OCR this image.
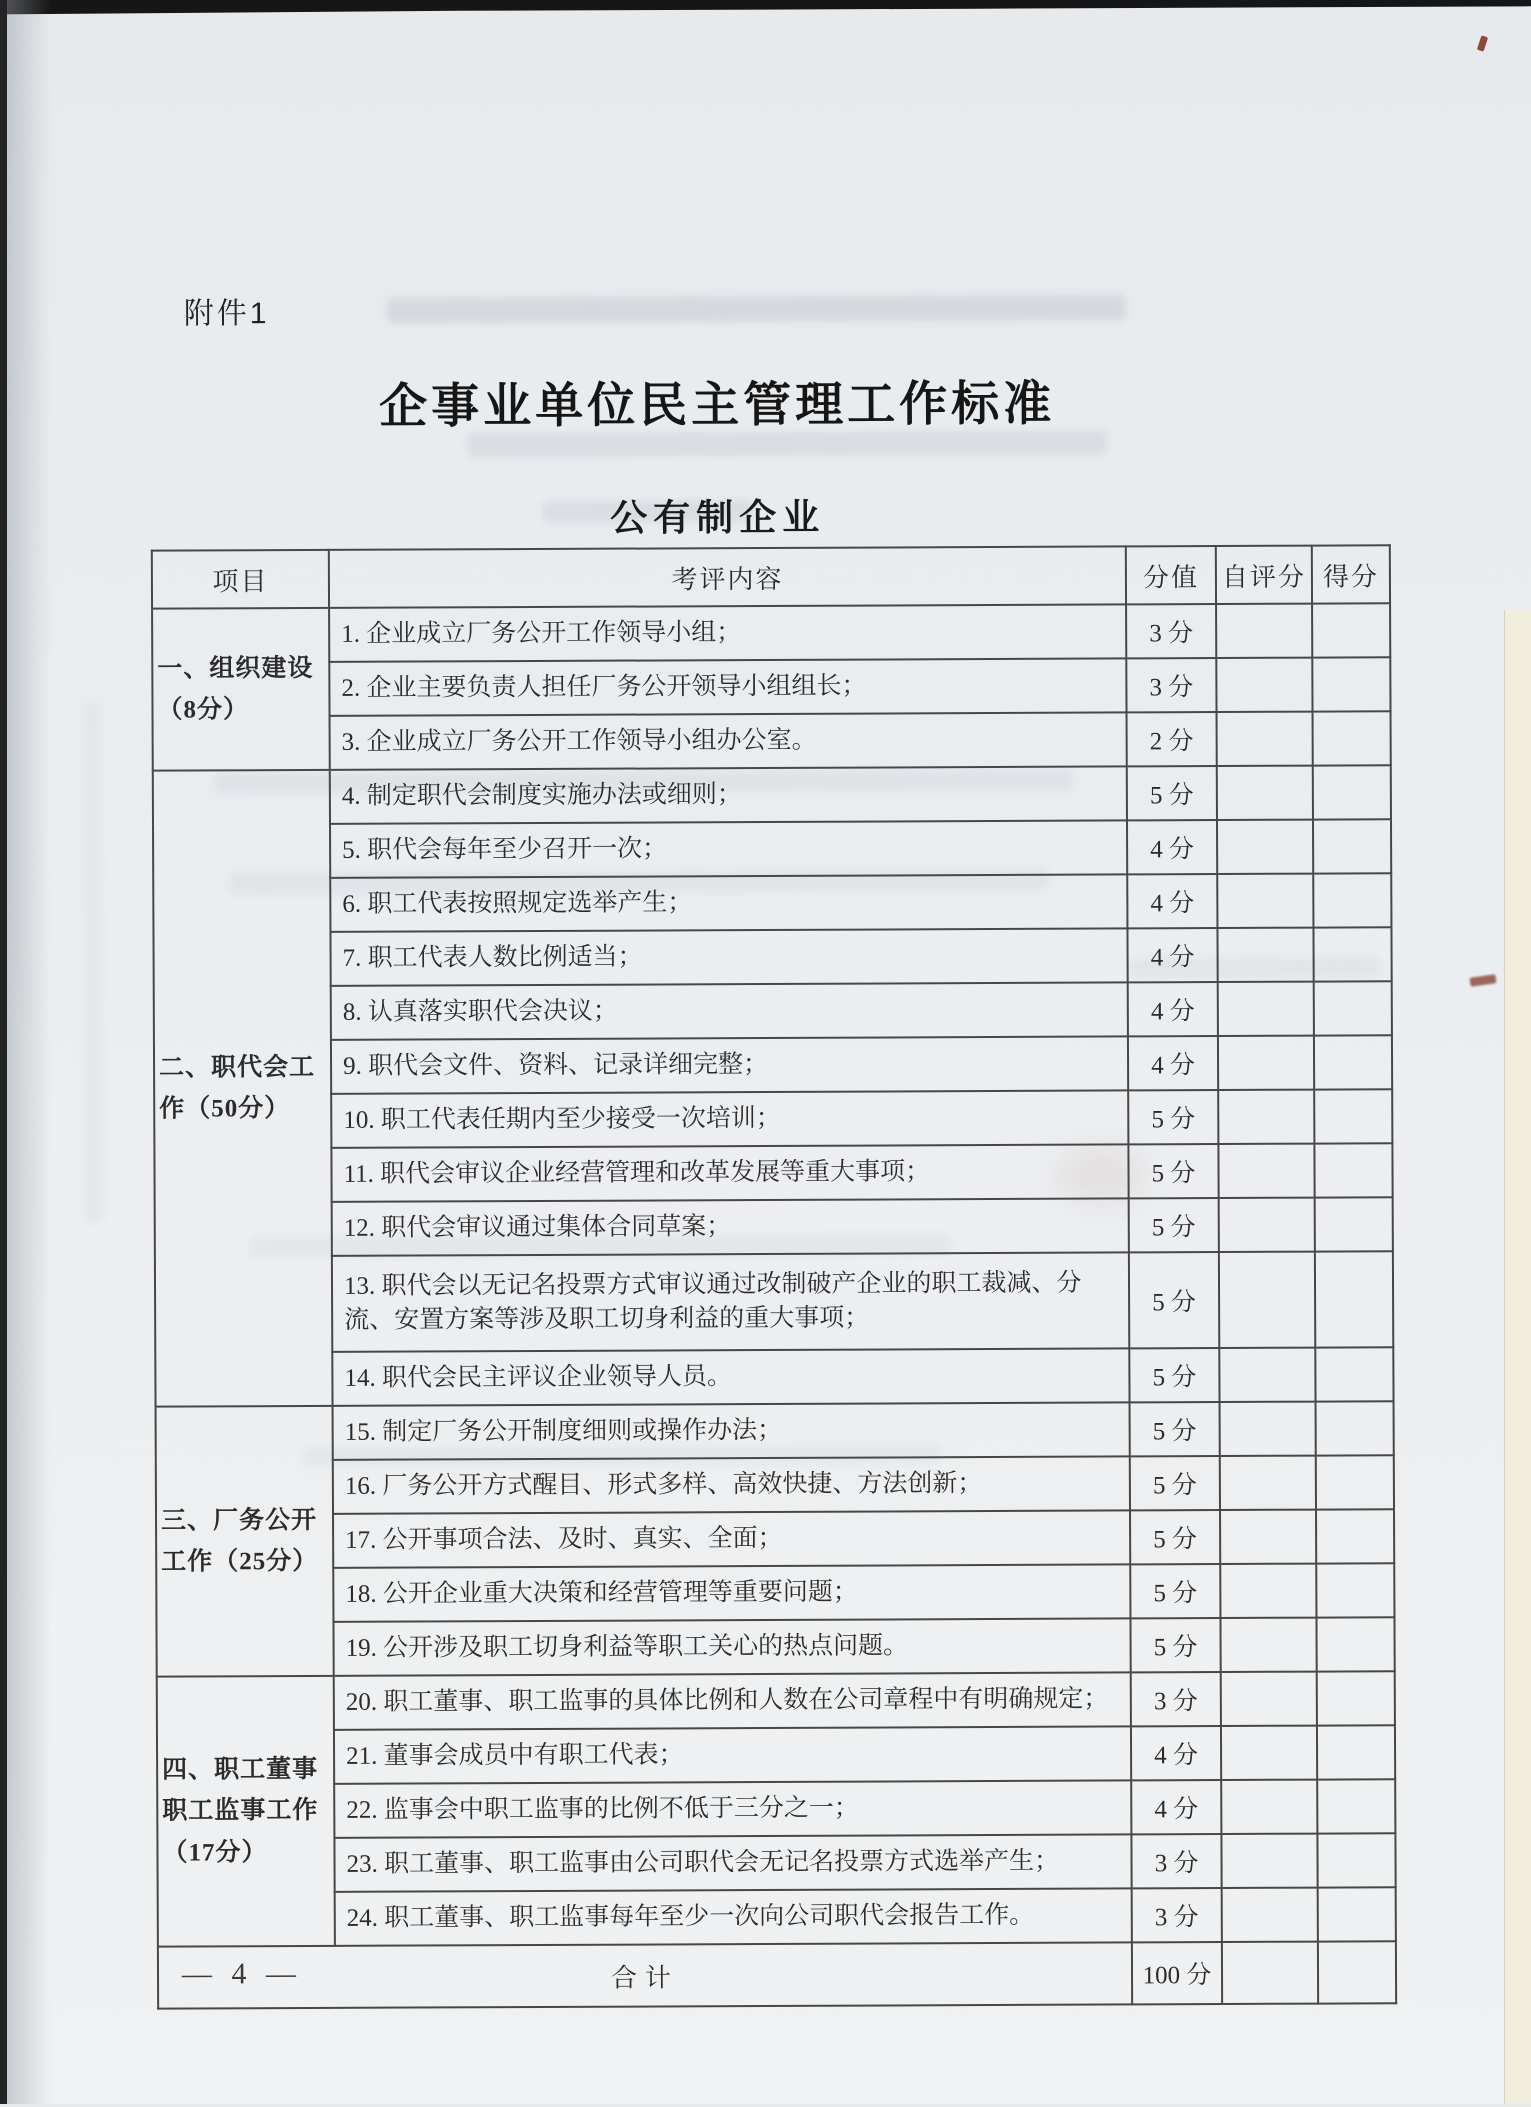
附件1
企事业单位民主管理工作标准
公有制企业
项目	考评内容	分值	自评分	得分
一、组织建设（8分）	1. 企业成立厂务公开工作领导小组；	3 分		
	2. 企业主要负责人担任厂务公开领导小组组长；	3 分		
	3. 企业成立厂务公开工作领导小组办公室。	2 分		
二、职代会工作（50分）	4. 制定职代会制度实施办法或细则；	5 分		
	5. 职代会每年至少召开一次；	4 分		
	6. 职工代表按照规定选举产生；	4 分		
	7. 职工代表人数比例适当；	4 分		
	8. 认真落实职代会决议；	4 分		
	9. 职代会文件、资料、记录详细完整；	4 分		
	10. 职工代表任期内至少接受一次培训；	5 分		
	11. 职代会审议企业经营管理和改革发展等重大事项；	5 分		
	12. 职代会审议通过集体合同草案；	5 分		
	13. 职代会以无记名投票方式审议通过改制破产企业的职工裁减、分流、安置方案等涉及职工切身利益的重大事项；	5 分		
	14. 职代会民主评议企业领导人员。	5 分		
三、厂务公开工作（25分）	15. 制定厂务公开制度细则或操作办法；	5 分		
	16. 厂务公开方式醒目、形式多样、高效快捷、方法创新；	5 分		
	17. 公开事项合法、及时、真实、全面；	5 分		
	18. 公开企业重大决策和经营管理等重要问题；	5 分		
	19. 公开涉及职工切身利益等职工关心的热点问题。	5 分		
四、职工董事职工监事工作（17分）	20. 职工董事、职工监事的具体比例和人数在公司章程中有明确规定；	3 分		
	21. 董事会成员中有职工代表；	4 分		
	22. 监事会中职工监事的比例不低于三分之一；	4 分		
	23. 职工董事、职工监事由公司职代会无记名投票方式选举产生；	3 分		
	24. 职工董事、职工监事每年至少一次向公司职代会报告工作。	3 分		
合计		100 分		
— 4 —
